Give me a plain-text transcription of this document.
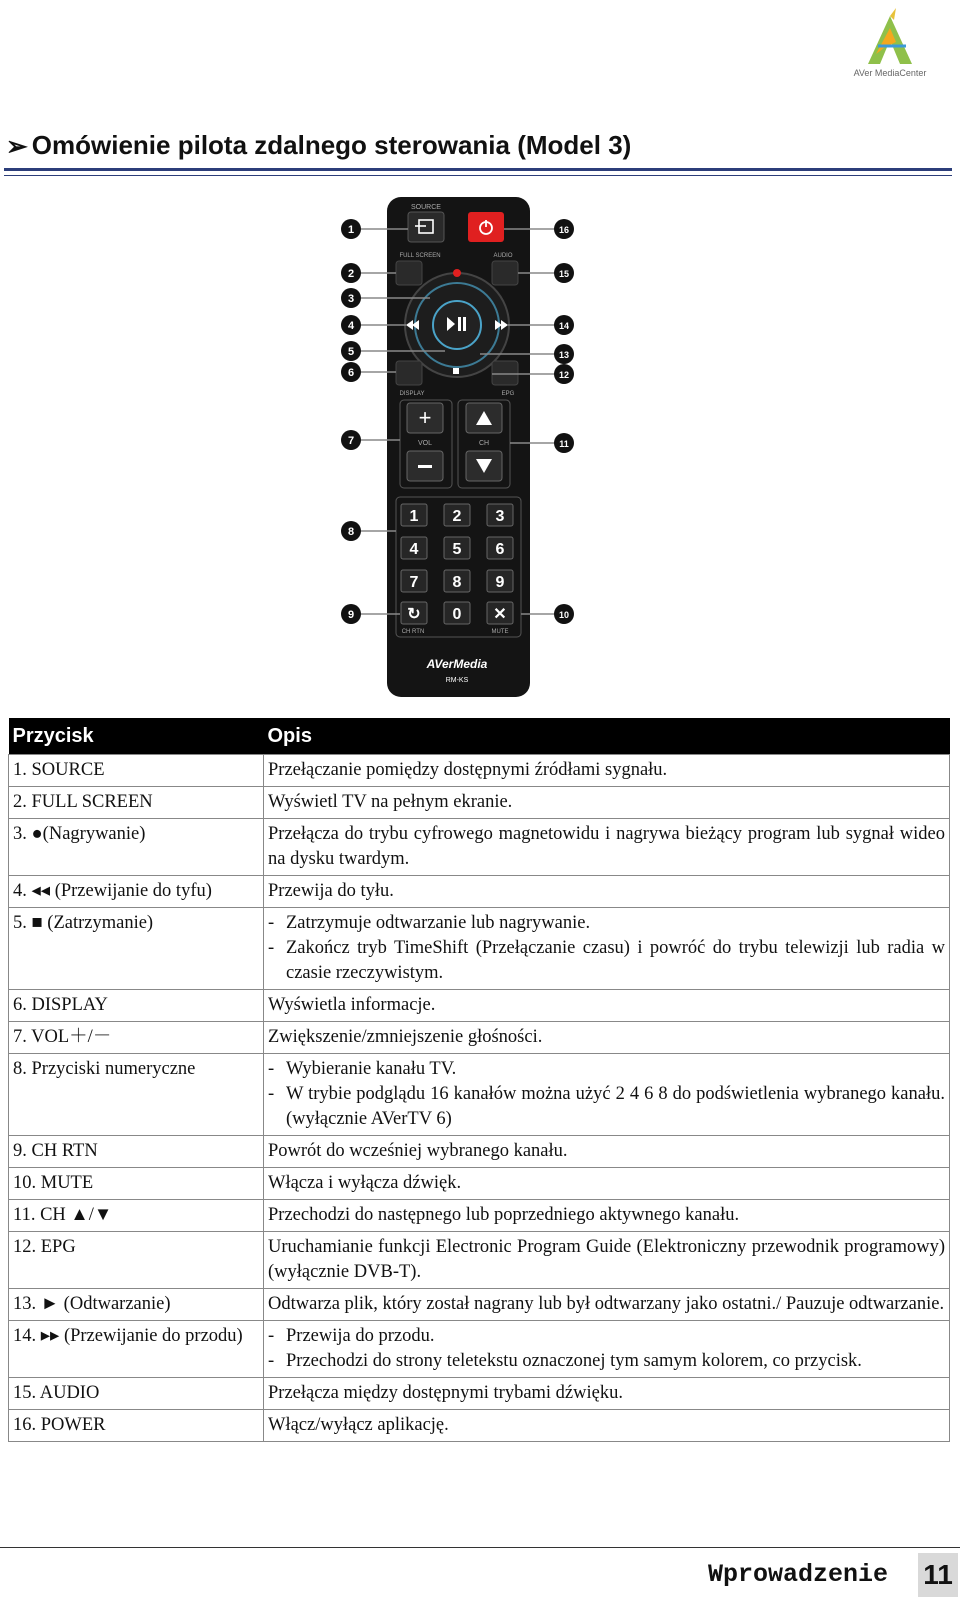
AVer MediaCenter
➢ Omówienie pilota zdalnego sterowania (Model 3)
SOURCE
FULL SCREEN	AUDIO
DISPLAY	EPG
+
VOL	CH
1 2 3
4 5 6
7 8 9
↻ 0 ✕
CH RTN	MUTE
AVerMedia
RM-KS
1
2
3
4
5
6
7
8
9
16
15
14
13
12
11
10
Przycisk	Opis
1. SOURCE	Przełączanie pomiędzy dostępnymi źródłami sygnału.

2. FULL SCREEN	Wyświetl TV na pełnym ekranie.

3. ●(Nagrywanie)	Przełącza do trybu cyfrowego magnetowidu i nagrywa bieżący program lub sygnał wideo na dysku twardym.

4. ◂◂ (Przewijanie do tyfu)	Przewija do tyłu.

5. ■ (Zatrzymanie)	- Zatrzymuje odtwarzanie lub nagrywanie.
- Zakończ tryb TimeShift (Przełączanie czasu) i powróć do trybu telewizji lub radia w czasie rzeczywistym.

6. DISPLAY	Wyświetla informacje.

7. VOL＋/－	Zwiększenie/zmniejszenie głośności.

8. Przyciski numeryczne	- Wybieranie kanału TV.
- W trybie podglądu 16 kanałów można użyć 2 4 6 8 do podświetlenia wybranego kanału. (wyłącznie AVerTV 6)

9. CH RTN	Powrót do wcześniej wybranego kanału.

10. MUTE	Włącza i wyłącza dźwięk.

11. CH ▲/▼	Przechodzi do następnego lub poprzedniego aktywnego kanału.

12. EPG	Uruchamianie funkcji Electronic Program Guide (Elektroniczny przewodnik programowy) (wyłącznie DVB-T).

13. ► (Odtwarzanie)	Odtwarza plik, który został nagrany lub był odtwarzany jako ostatni./ Pauzuje odtwarzanie.

14. ▸▸ (Przewijanie do przodu)	- Przewija do przodu.
- Przechodzi do strony teletekstu oznaczonej tym samym kolorem, co przycisk.

15. AUDIO	Przełącza między dostępnymi trybami dźwięku.

16. POWER	Włącz/wyłącz aplikację.
Wprowadzenie 11
